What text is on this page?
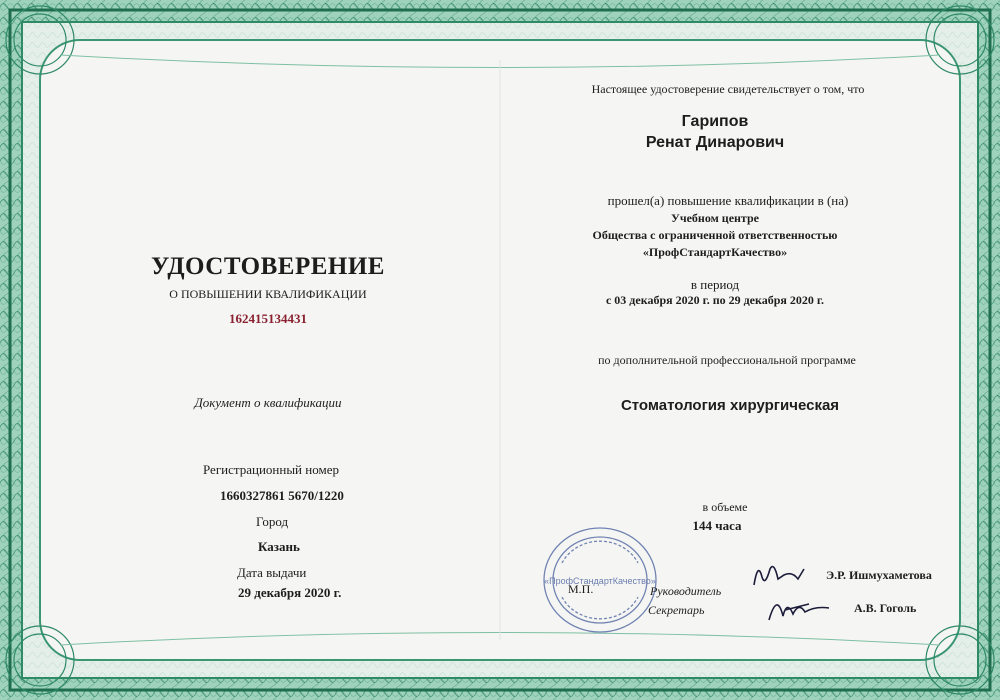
УДОСТОВЕРЕНИЕ
О ПОВЫШЕНИИ КВАЛИФИКАЦИИ
162415134431
Документ о квалификации
Регистрационный номер
1660327861 5670/1220
Город
Казань
Дата выдачи
29 декабря 2020 г.
Настоящее удостоверение свидетельствует о том, что
Гарипов
Ренат Динарович
прошел(а) повышение квалификации в (на)
Учебном центре
Общества с ограниченной ответственностью
«ПрофСтандартКачество»
в период
с 03 декабря 2020 г. по 29 декабря 2020 г.
по дополнительной профессиональной программе
Стоматология хирургическая
в объеме
144 часа
«ПрофСтандартКачество»
М.П.	Руководитель
Секретарь
Э.Р. Ишмухаметова
А.В. Гоголь
